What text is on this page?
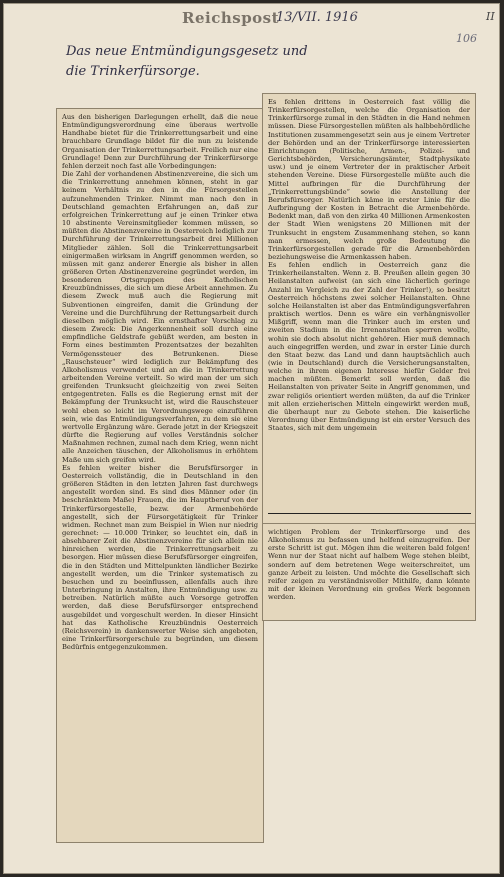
Reichspost
13/VII. 1916
106
II
Das neue Entmündigungsgesetz und
die Trinkerfürsorge.

Aus den bisherigen Darlegungen erhellt, daß die neue Entmündigungsverordnung eine überaus wertvolle Handhabe bietet für die Trinkerrettungsarbeit und eine brauchbare Grundlage bildet für die nun zu leistende Organisation der Trinkerrettungsarbeit. Freilich nur eine Grundlage! Denn zur Durchführung der Trinkerfürsorge fehlen derzeit noch fast alle Vorbedingungen:
Die Zahl der vorhandenen Abstinenzvereine, die sich um die Trinkerrettung annehmen können, steht in gar keinem Verhältnis zu den in die Fürsorgestellen aufzunehmenden Trinker. Nimmt man nach den in Deutschland gemachten Erfahrungen an, daß zur erfolgreichen Trinkerrettung auf je einen Trinker etwa 10 abstinente Vereinsmitglieder kommen müssen, so müßten die Abstinenzvereine in Oesterreich lediglich zur Durchführung der Trinkerrettungsarbeit drei Millionen Mitglieder zählen. Soll die Trinkerrettungsarbeit einigermaßen wirksam in Angriff genommen werden, so müssen mit ganz anderer Energie als bisher in allen größeren Orten Abstinenzvereine gegründet werden, im besonderen Ortsgruppen des Katholischen Kreuzbündnisses, die sich um diese Arbeit annehmen. Zu diesem Zweck muß auch die Regierung mit Subventionen eingreifen, damit die Gründung der Vereine und die Durchführung der Rettungsarbeit durch dieselben möglich wird. Ein ernsthafter Vorschlag zu diesem Zweck: Die Angerkennenheit soll durch eine empfindliche Geldstrafe gebüßt werden, am besten in Form eines bestimmten Prozentsatzes der bezahlten Vermögenssteuer des Betrunkenen. Diese „Rauschsteuer“ wird lediglich zur Bekämpfung des Alkoholismus verwendet und an die in Trinkerrettung arbeitenden Vereine verteilt. So wird man der um sich greifenden Trunksucht gleichzeitig von zwei Seiten entgegentreten. Falls es die Regierung ernst mit der Bekämpfung der Trunksucht ist, wird die Rauschsteuer wohl eben so leicht im Verordnungswege einzuführen sein, wie das Entmündigungsverfahren, zu dem sie eine wertvolle Ergänzung wäre. Gerade jetzt in der Kriegszeit dürfte die Regierung auf volles Verständnis solcher Maßnahmen rechnen, zumal nach dem Krieg, wenn nicht alle Anzeichen täuschen, der Alkoholismus in erhöhtem Maße um sich greifen wird.
Es fehlen weiter bisher die Berufsfürsorger in Oesterreich vollständig, die in Deutschland in den größeren Städten in den letzten Jahren fast durchwegs angestellt worden sind. Es sind dies Männer oder (in beschränktem Maße) Frauen, die im Hauptberuf von der Trinkerfürsorgestelle, bezw. der Armenbehörde angestellt, sich der Fürsorgetätigkeit für Trinker widmen. Rechnet man zum Beispiel in Wien nur niedrig gerechnet: — 10.000 Trinker, so leuchtet ein, daß in absehbarer Zeit die Abstinenzvereine für sich allein nie hinreichen werden, die Trinkerrettungsarbeit zu besorgen. Hier müssen diese Berufsfürsorger eingreifen, die in den Städten und Mittelpunkten ländlicher Bezirke angestellt werden, um die Trinker systematisch zu besuchen und zu beeinflussen, allenfalls auch ihre Unterbringung in Anstalten, ihre Entmündigung usw. zu betreiben. Natürlich müßte auch Vorsorge getroffen werden, daß diese Berufsfürsorger entsprechend ausgebildet und vorgeschult werden. In dieser Hinsicht hat das Katholische Kreuzbündnis Oesterreich (Reichsverein) in dankenswerter Weise sich angeboten, eine Trinkerfürsorgerschule zu begründen, um diesem Bedürfnis entgegenzukommen.

Es fehlen drittens in Oesterreich fast völlig die Trinkerfürsorgestellen, welche die Organisation der Trinkerfürsorge zumal in den Städten in die Hand nehmen müssen. Diese Fürsorgestellen müßten als halbbehördliche Institutionen zusammengesetzt sein aus je einem Vertreter der Behörden und an der Trinkerfürsorge interessierten Einrichtungen (Politische, Armen-, Polizei- und Gerichtsbehörden, Versicherungsämter, Stadtphysikate usw.) und je einem Vertreter der in praktischer Arbeit stehenden Vereine. Diese Fürsorgestelle müßte auch die Mittel aufbringen für die Durchführung der „Trinkerrettungsbünde“ sowie die Anstellung der Berufsfürsorger. Natürlich käme in erster Linie für die Aufbringung der Kosten in Betracht die Armenbehörde. Bedenkt man, daß von den zirka 40 Millionen Armenkosten der Stadt Wien wenigstens 20 Millionen mit der Trunksucht in engstem Zusammenhang stehen, so kann man ermessen, welch große Bedeutung die Trinkerfürsorgestellen gerade für die Armenbehörden beziehungsweise die Armenkassen haben.
Es fehlen endlich in Oesterreich ganz die Trinkerheilanstalten. Wenn z. B. Preußen allein gegen 30 Heilanstalten aufweist (an sich eine lächerlich geringe Anzahl im Vergleich zu der Zahl der Trinker!), so besitzt Oesterreich höchstens zwei solcher Heilanstalten. Ohne solche Heilanstalten ist aber das Entmündigungsverfahren praktisch wertlos. Denn es wäre ein verhängnisvoller Mißgriff, wenn man die Trinker auch im ersten und zweiten Stadium in die Irrenanstalten sperren wollte, wohin sie doch absolut nicht gehören. Hier muß demnach auch eingegriffen werden, und zwar in erster Linie durch den Staat bezw. das Land und dann hauptsächlich auch (wie in Deutschland) durch die Versicherungsanstalten, welche in ihrem eigenen Interesse hiefür Gelder frei machen müßten. Bemerkt soll werden, daß die Heilanstalten von privater Seite in Angriff genommen, und zwar religiös orientiert werden müßten, da auf die Trinker mit allen erzieherischen Mitteln eingewirkt werden muß, die überhaupt nur zu Gebote stehen. Die kaiserliche Verordnung über Entmündigung ist ein erster Versuch des Staates, sich mit dem ungemein

wichtigen Problem der Trinkerfürsorge und des Alkoholismus zu befassen und helfend einzugreifen. Der erste Schritt ist gut. Mögen ihm die weiteren bald folgen! Wenn nur der Staat nicht auf halbem Wege stehen bleibt, sondern auf dem betretenen Wege weiterschreitet, um ganze Arbeit zu leisten. Und möchte die Gesellschaft sich reifer zeigen zu verständnisvoller Mithilfe, dann könnte mit der kleinen Verordnung ein großes Werk begonnen werden.
